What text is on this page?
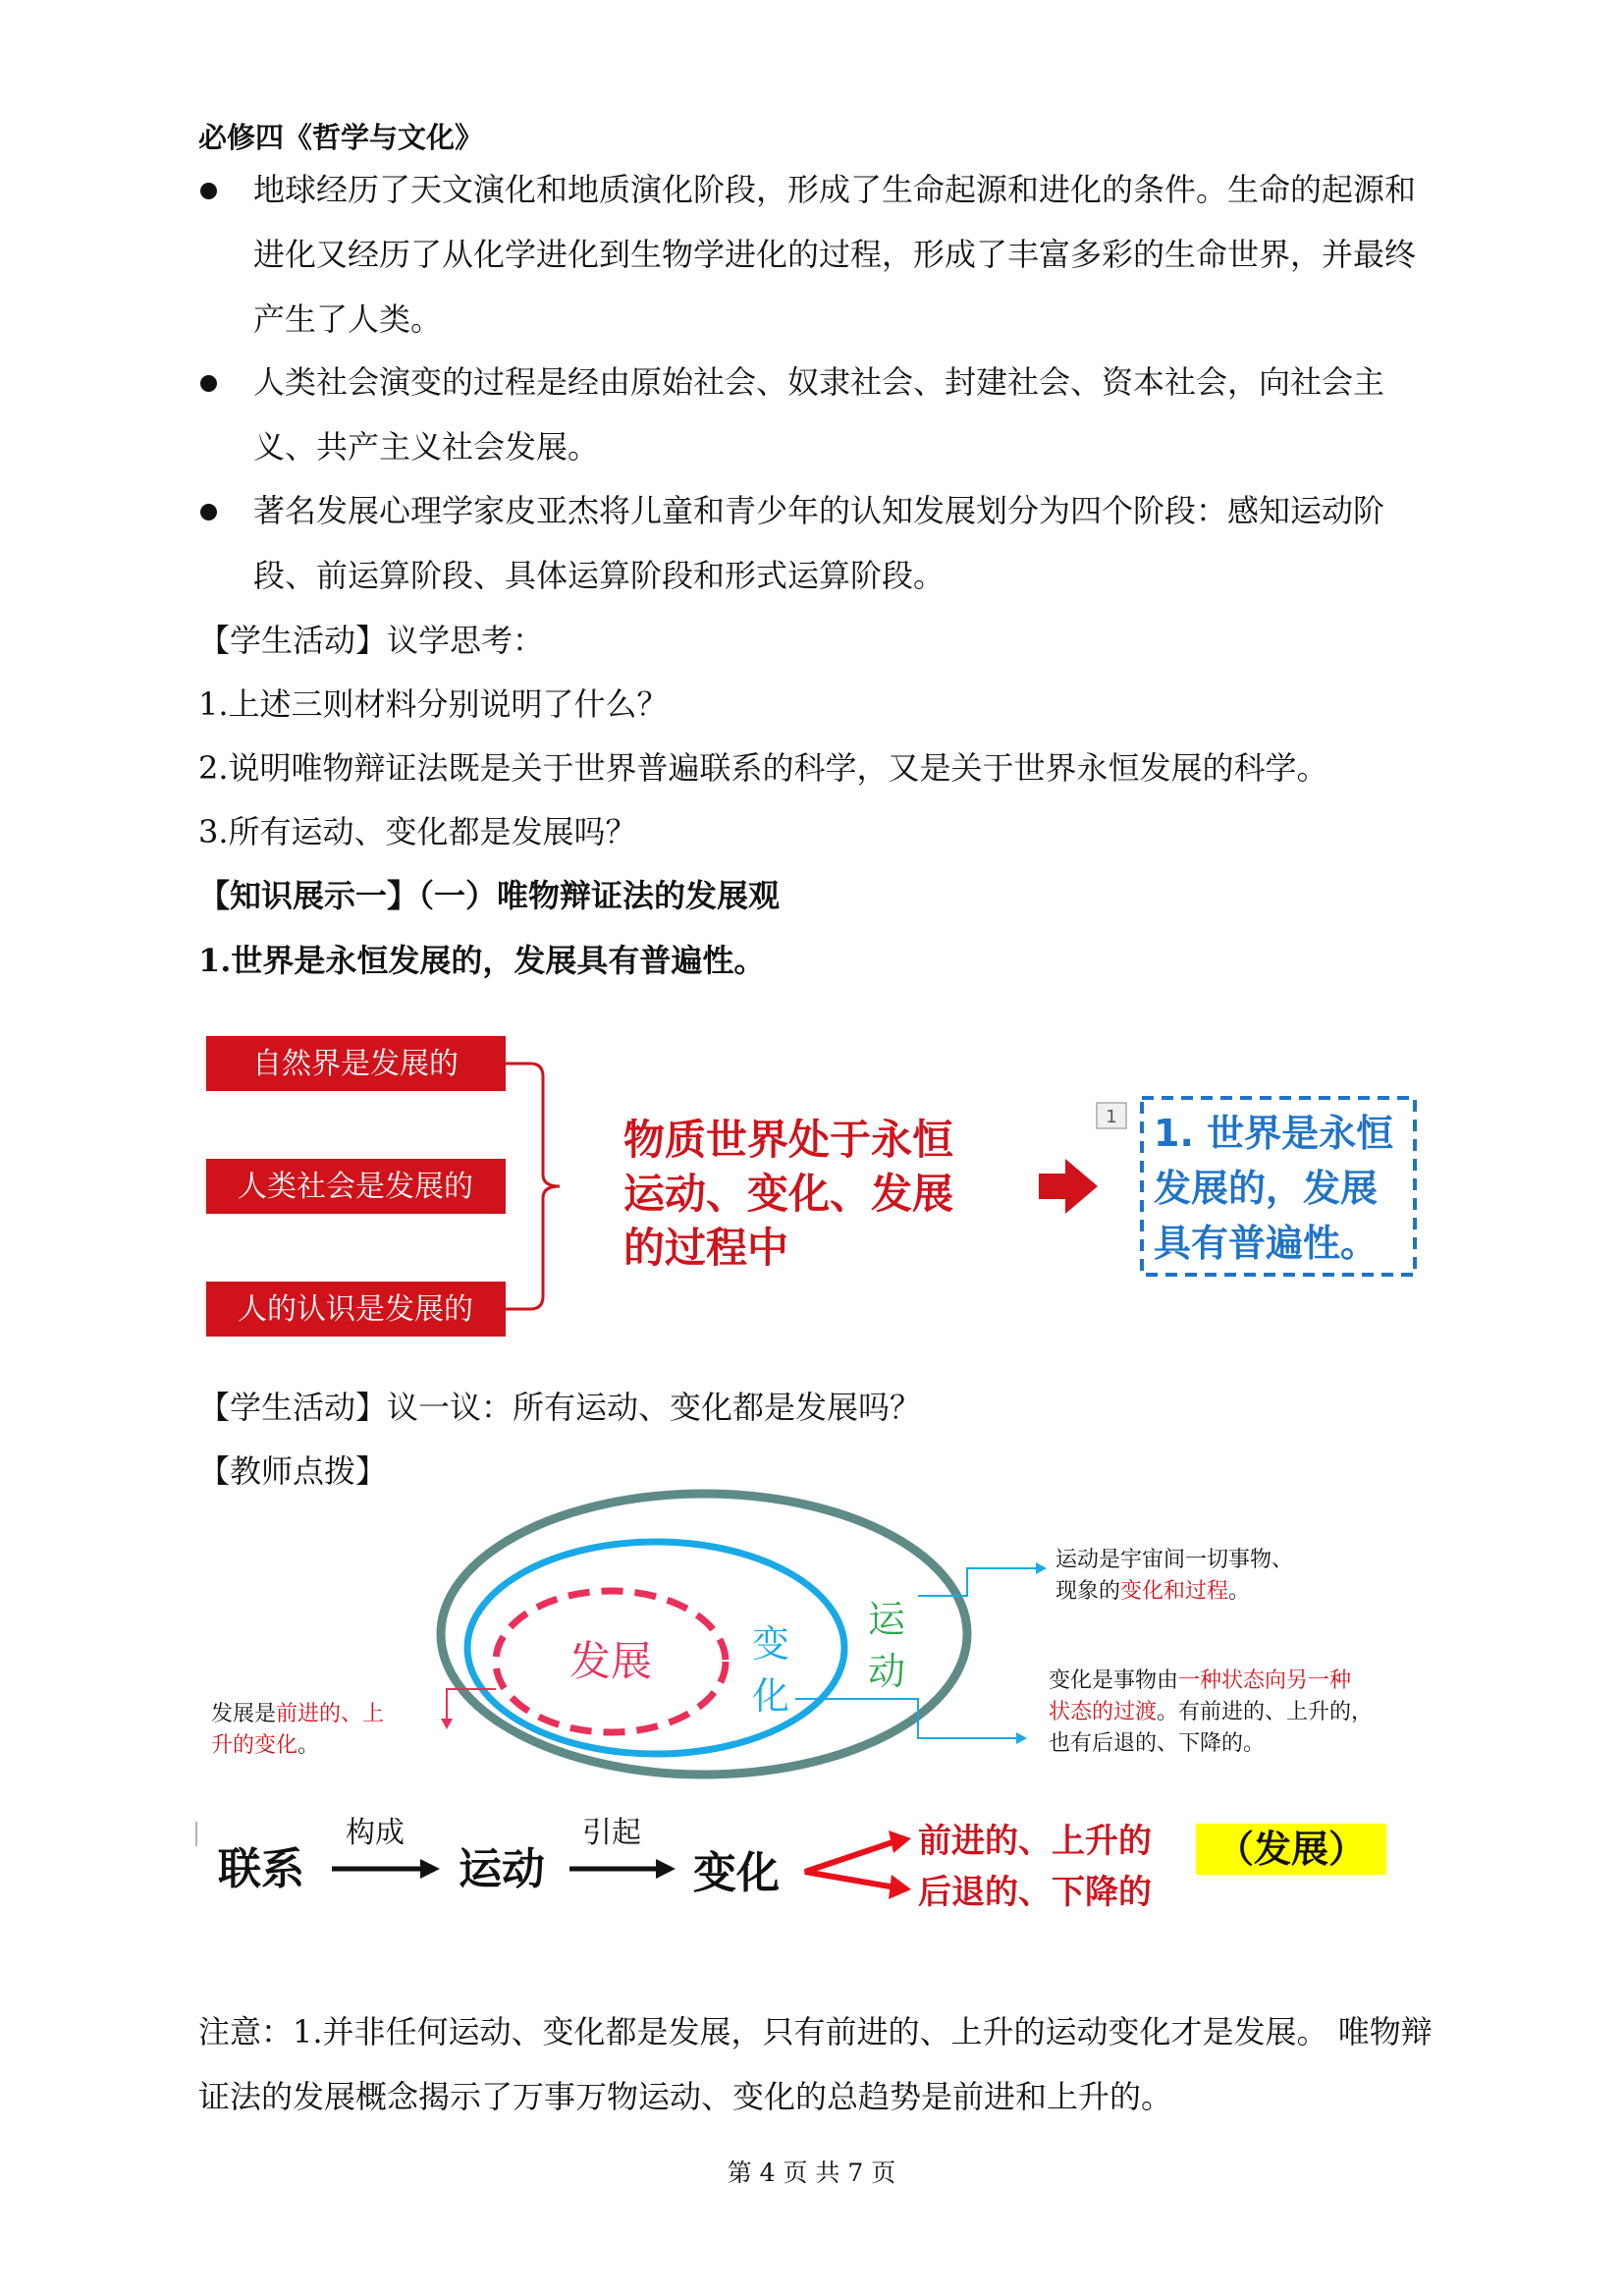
必修四《哲学与文化》
地球经历了天文演化和地质演化阶段，形成了生命起源和进化的条件。生命的起源和进化又经历了从化学进化到生物学进化的过程，形成了丰富多彩的生命世界，并最终产生了人类。
人类社会演变的过程是经由原始社会、奴隶社会、封建社会、资本社会，向社会主义、共产主义社会发展。
著名发展心理学家皮亚杰将儿童和青少年的认知发展划分为四个阶段：感知运动阶段、前运算阶段、具体运算阶段和形式运算阶段。
【学生活动】议学思考：
1.上述三则材料分别说明了什么？
2.说明唯物辩证法既是关于世界普遍联系的科学，又是关于世界永恒发展的科学。
3.所有运动、变化都是发展吗？
【知识展示一】（一）唯物辩证法的发展观
1.世界是永恒发展的，发展具有普遍性。
自然界是发展的
人类社会是发展的
人的认识是发展的
物质世界处于永恒
运动、变化、发展
的过程中
1 1. 世界是永恒
发展的，发展
具有普遍性。
【学生活动】议一议：所有运动、变化都是发展吗？
【教师点拨】
发展	变
化
运
动
运动是宇宙间一切事物、
现象的变化和过程。
变化是事物由一种状态向另一种
状态的过渡。有前进的、上升的，
也有后退的、下降的。
发展是前进的、上
升的变化。
联系	运动	变化
构成	引起	前进的、上升的
后退的、下降的
（发展）
注意：1.并非任何运动、变化都是发展，只有前进的、上升的运动变化才是发展。 唯物辩证法的发展概念揭示了万事万物运动、变化的总趋势是前进和上升的。
第 4 页 共 7 页
